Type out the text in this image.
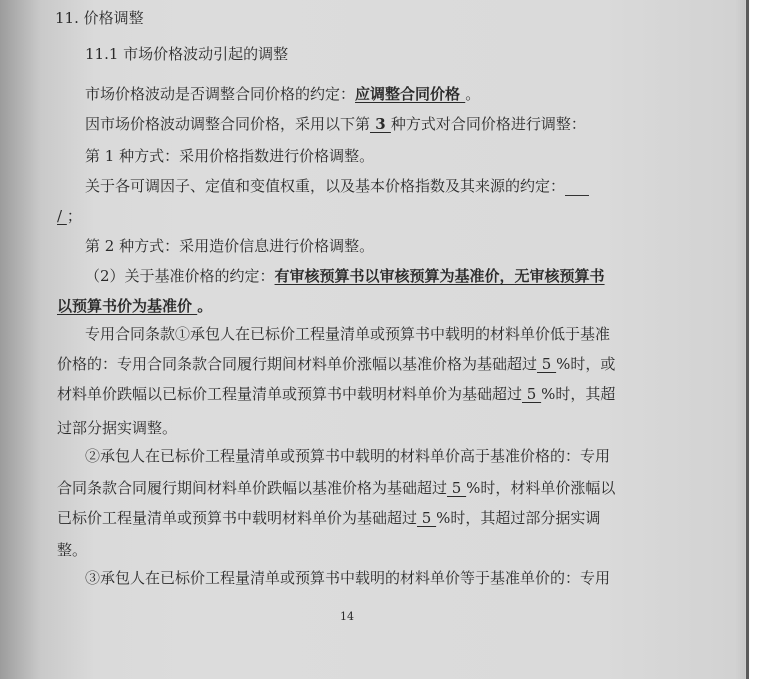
11. 价格调整
11.1 市场价格波动引起的调整
市场价格波动是否调整合同价格的约定：应调整合同价格 。
因市场价格波动调整合同价格，采用以下第 3 种方式对合同价格进行调整：
第 1 种方式：采用价格指数进行价格调整。
关于各可调因子、定值和变值权重，以及基本价格指数及其来源的约定：
/ ；
第 2 种方式：采用造价信息进行价格调整。
（2）关于基准价格的约定：有审核预算书以审核预算为基准价，无审核预算书
以预算书价为基准价 。
专用合同条款①承包人在已标价工程量清单或预算书中载明的材料单价低于基准
价格的：专用合同条款合同履行期间材料单价涨幅以基准价格为基础超过 5 %时，或
材料单价跌幅以已标价工程量清单或预算书中载明材料单价为基础超过 5 %时，其超
过部分据实调整。
②承包人在已标价工程量清单或预算书中载明的材料单价高于基准价格的：专用
合同条款合同履行期间材料单价跌幅以基准价格为基础超过 5 %时，材料单价涨幅以
已标价工程量清单或预算书中载明材料单价为基础超过 5 %时，其超过部分据实调
整。
③承包人在已标价工程量清单或预算书中载明的材料单价等于基准单价的：专用
14
